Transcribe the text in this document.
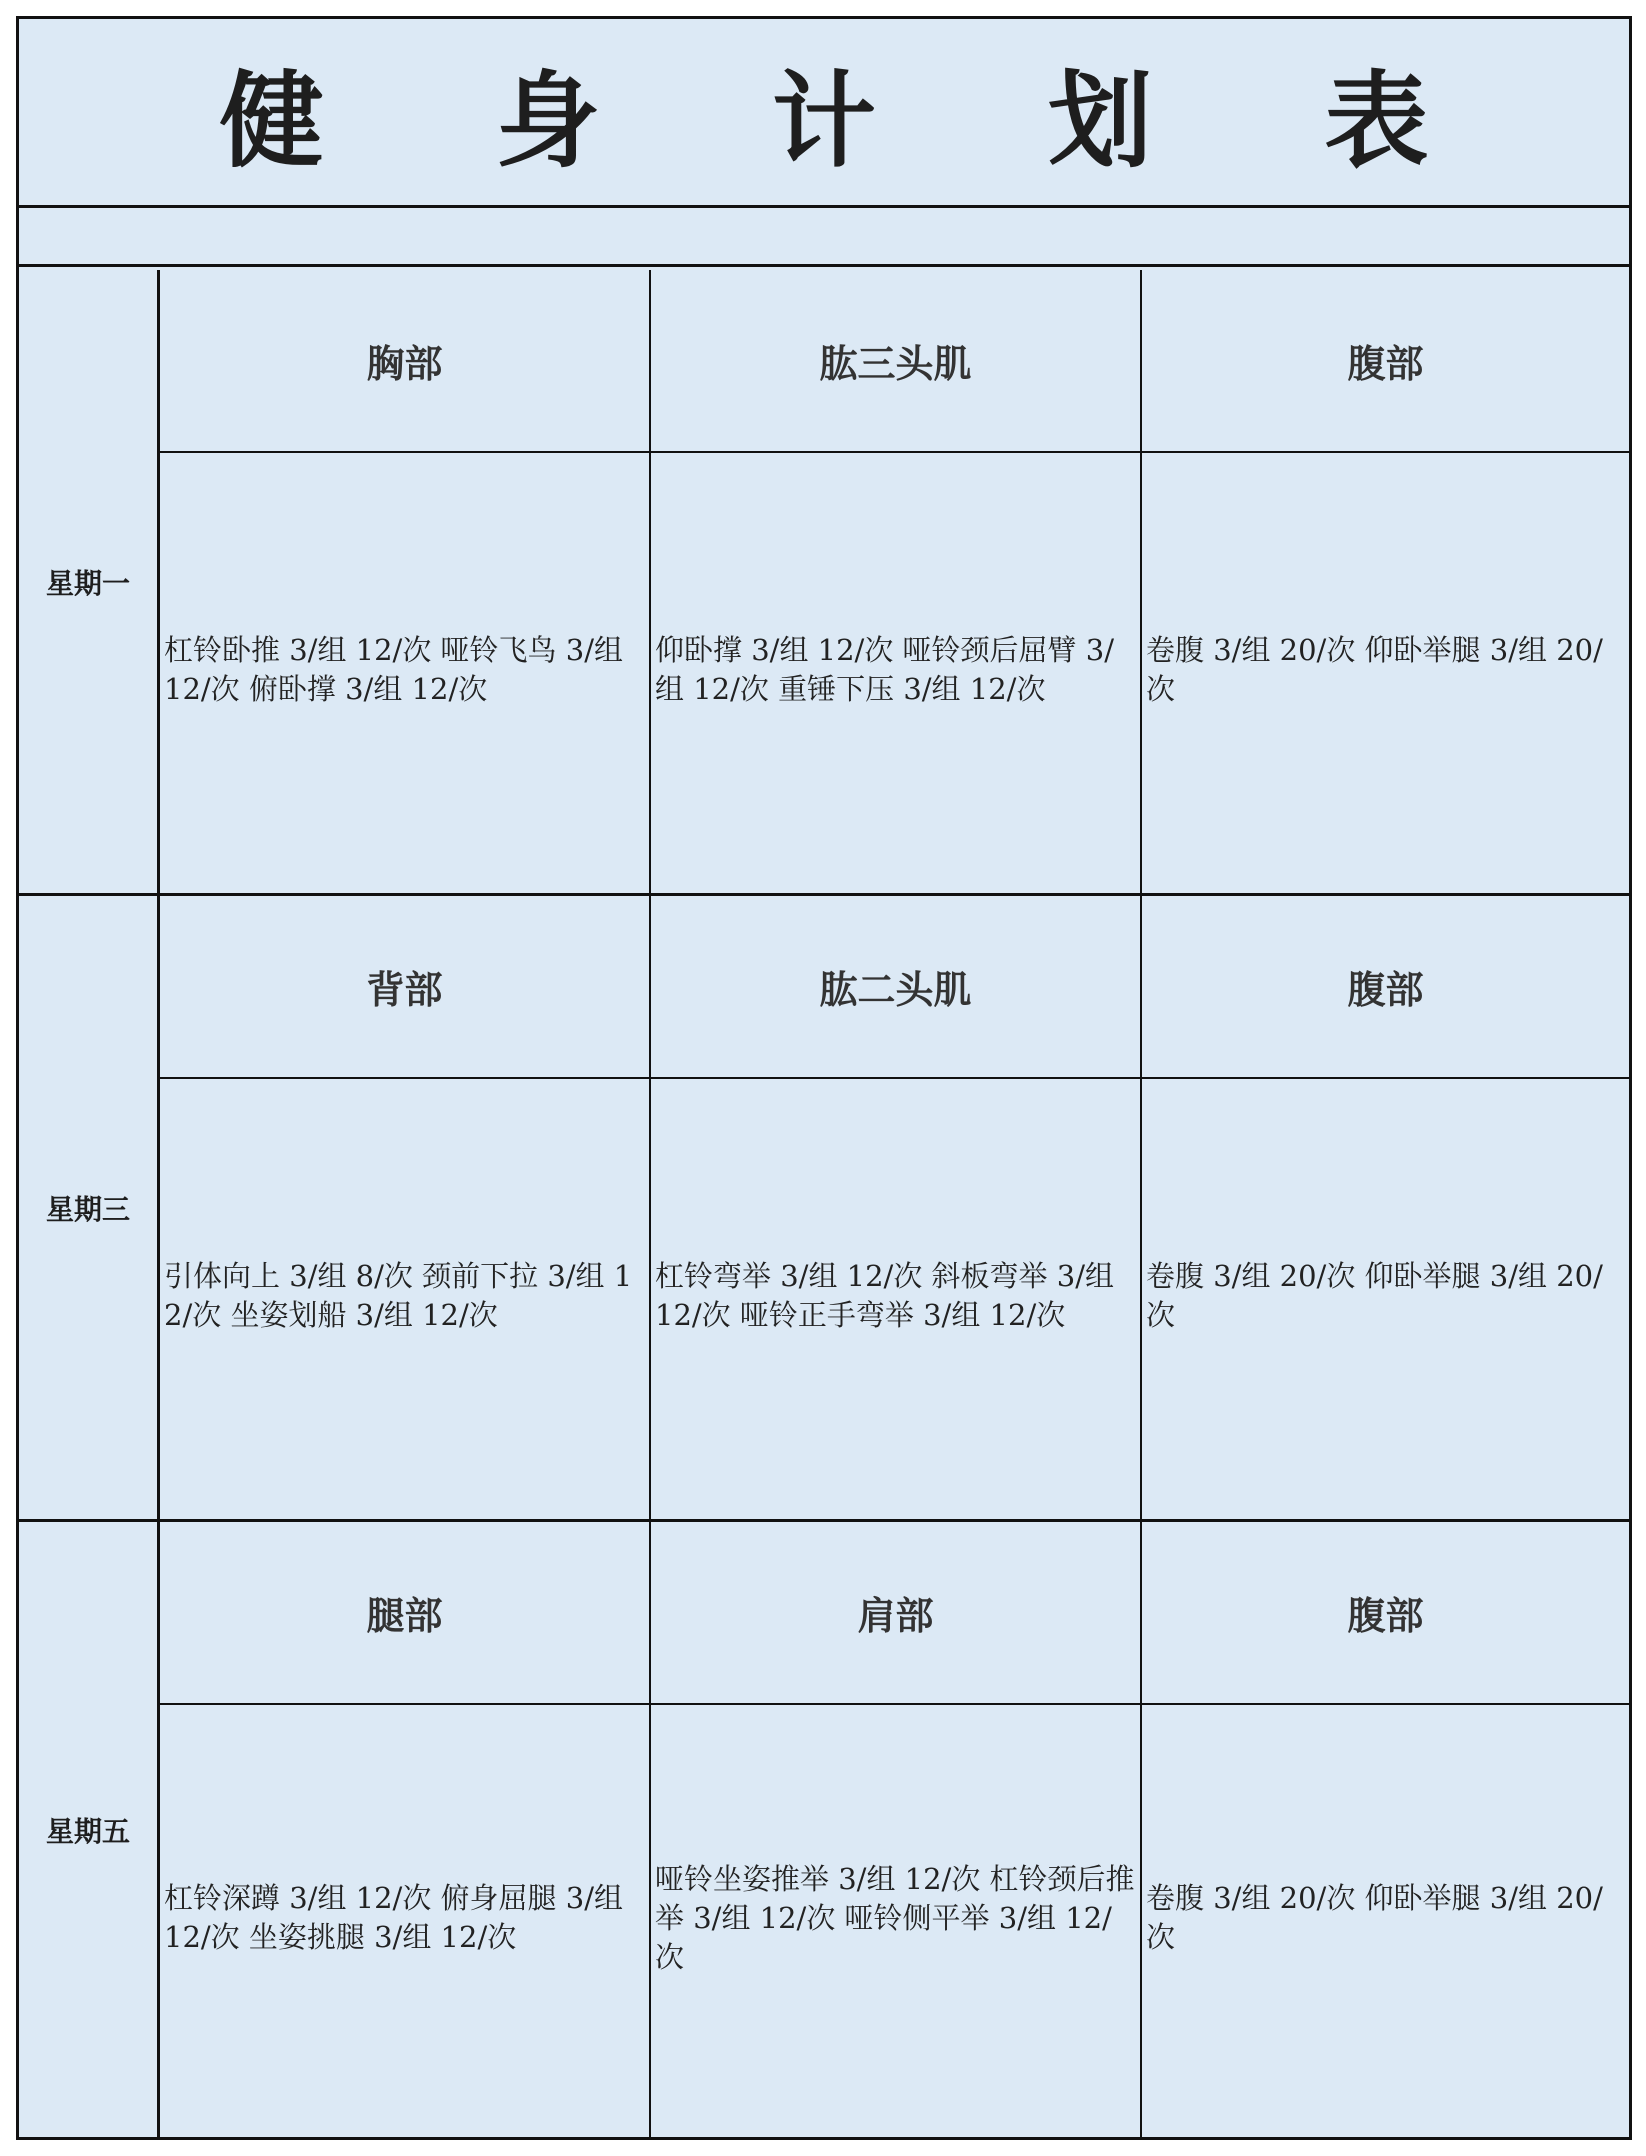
健 身 计 划 表
星期一
胸部
杠铃卧推 3/组 12/次 哑铃飞鸟 3/组 12/次 俯卧撑 3/组 12/次
肱三头肌
仰卧撑 3/组 12/次 哑铃颈后屈臂 3/组 12/次 重锤下压 3/组 12/次
腹部
卷腹 3/组 20/次 仰卧举腿 3/组 20/次
星期三
背部
引体向上 3/组 8/次 颈前下拉 3/组 12/次 坐姿划船 3/组 12/次
肱二头肌
杠铃弯举 3/组 12/次 斜板弯举 3/组 12/次 哑铃正手弯举 3/组 12/次
腹部
卷腹 3/组 20/次 仰卧举腿 3/组 20/次
星期五
腿部
杠铃深蹲 3/组 12/次 俯身屈腿 3/组 12/次 坐姿挑腿 3/组 12/次
肩部
哑铃坐姿推举 3/组 12/次 杠铃颈后推举 3/组 12/次 哑铃侧平举 3/组 12/次
腹部
卷腹 3/组 20/次 仰卧举腿 3/组 20/次
